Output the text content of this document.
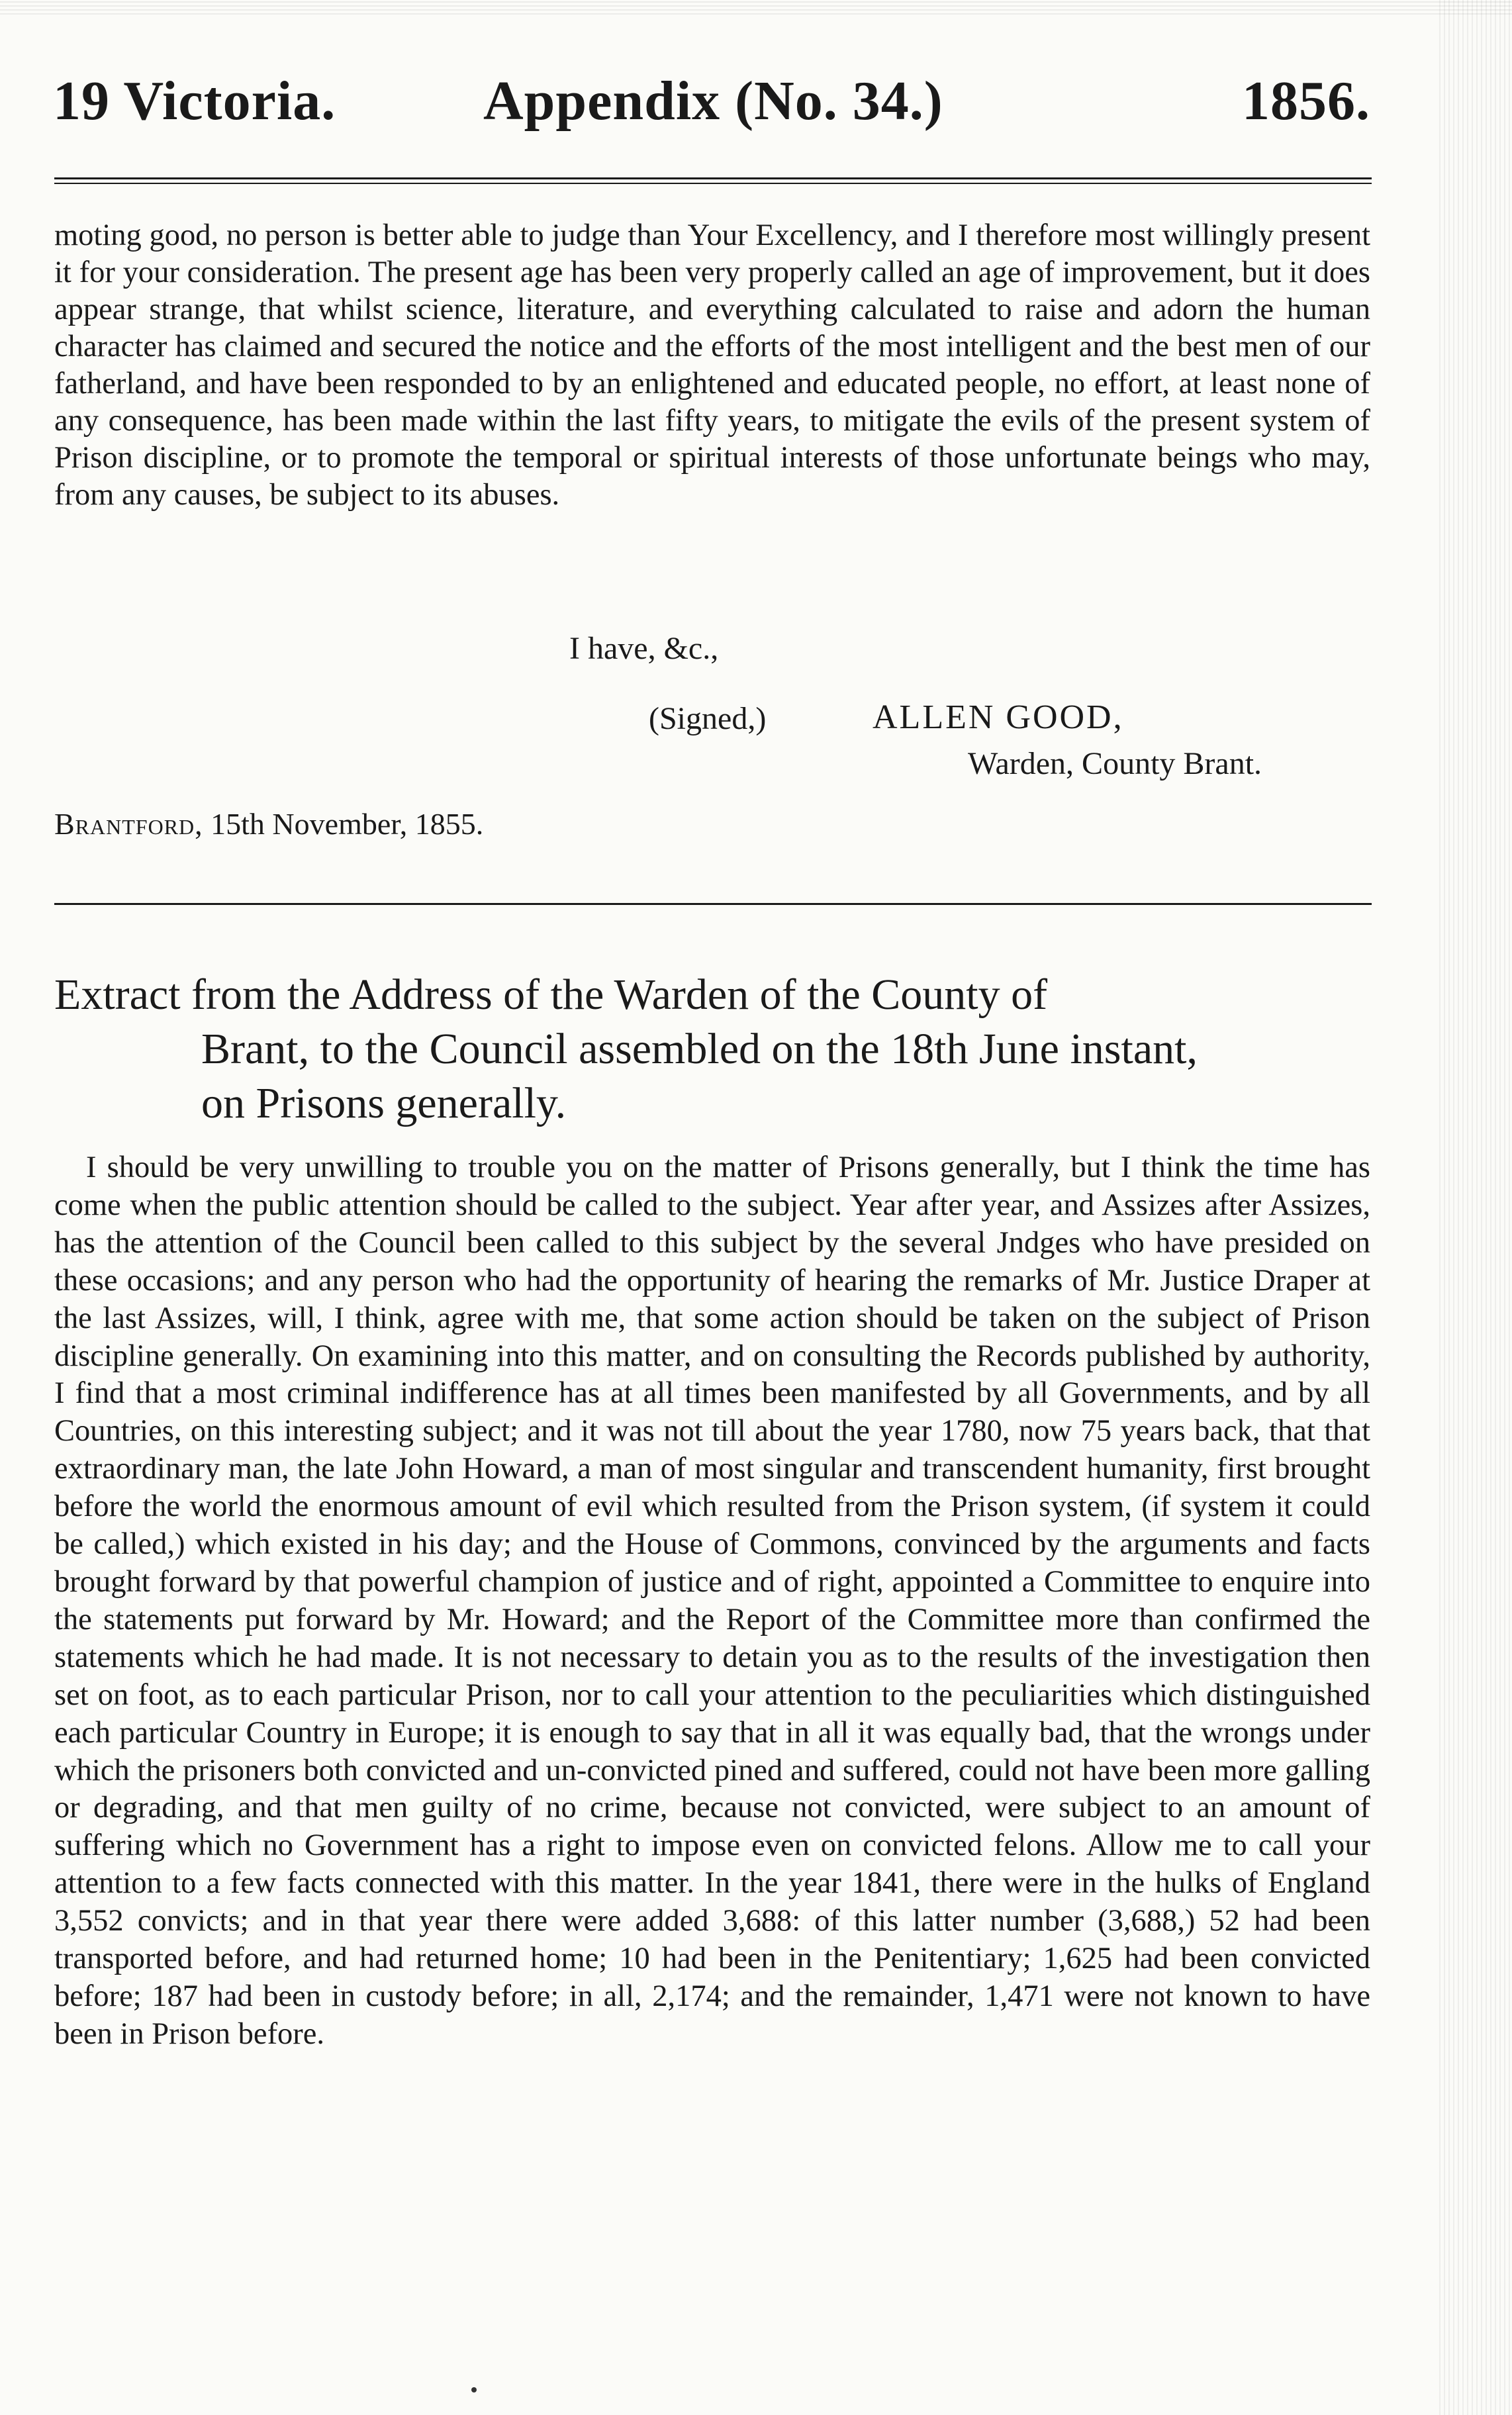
19 Victoria.	Appendix (No. 34.)	1856.

moting good, no person is better able to judge than Your Excellency, and I therefore most willingly present it for your consideration. The present age has been very properly called an age of improvement, but it does appear strange, that whilst science, literature, and everything calculated to raise and adorn the human character has claimed and secured the notice and the efforts of the most intelligent and the best men of our fatherland, and have been responded to by an enlightened and educated people, no effort, at least none of any consequence, has been made within the last fifty years, to mitigate the evils of the present system of Prison discipline, or to promote the temporal or spiritual interests of those unfortunate beings who may, from any causes, be subject to its abuses.

I have, &c.,
(Signed,)	ALLEN GOOD,
Warden, County Brant.
Brantford, 15th November, 1855.
Extract from the Address of the Warden of the County of
Brant, to the Council assembled on the 18th June instant,
on Prisons generally.

I should be very unwilling to trouble you on the matter of Prisons generally, but I think the time has come when the public attention should be called to the subject. Year after year, and Assizes after Assizes, has the attention of the Council been called to this subject by the several Jndges who have presided on these occasions; and any person who had the opportunity of hearing the remarks of Mr. Justice Draper at the last Assizes, will, I think, agree with me, that some action should be taken on the subject of Prison discipline generally. On examining into this matter, and on consulting the Records published by authority, I find that a most criminal indifference has at all times been manifested by all Governments, and by all Countries, on this interesting subject; and it was not till about the year 1780, now 75 years back, that that extraordinary man, the late John Howard, a man of most singular and transcendent humanity, first brought before the world the enormous amount of evil which resulted from the Prison system, (if system it could be called,) which existed in his day; and the House of Commons, convinced by the arguments and facts brought forward by that powerful champion of justice and of right, appointed a Committee to enquire into the statements put forward by Mr. Howard; and the Report of the Committee more than confirmed the statements which he had made. It is not necessary to detain you as to the results of the investigation then set on foot, as to each particular Prison, nor to call your attention to the peculiarities which distinguished each particular Country in Europe; it is enough to say that in all it was equally bad, that the wrongs under which the prisoners both convicted and un-convicted pined and suffered, could not have been more galling or degrading, and that men guilty of no crime, because not convicted, were subject to an amount of suffering which no Government has a right to impose even on convicted felons. Allow me to call your attention to a few facts connected with this matter. In the year 1841, there were in the hulks of England 3,552 convicts; and in that year there were added 3,688: of this latter number (3,688,) 52 had been transported before, and had returned home; 10 had been in the Penitentiary; 1,625 had been convicted before; 187 had been in custody before; in all, 2,174; and the remainder, 1,471 were not known to have been in Prison before.
